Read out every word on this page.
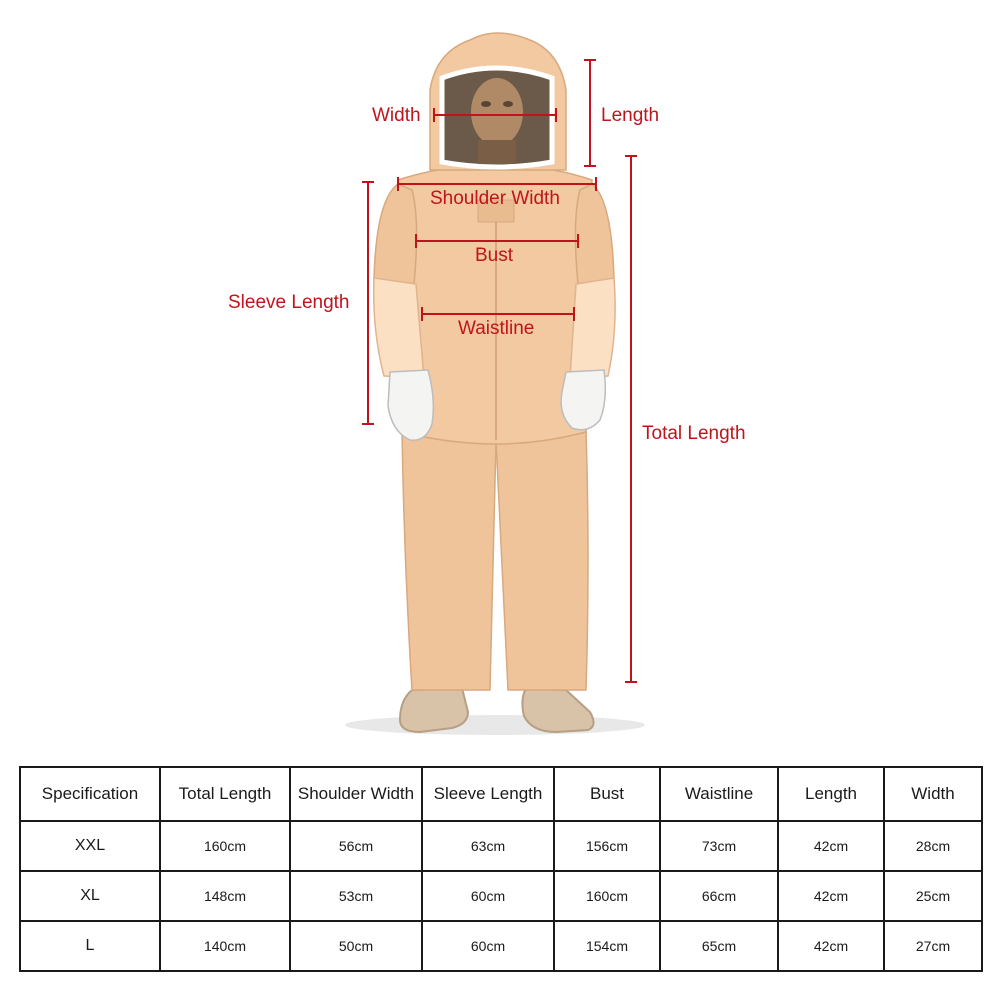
Width	Length
Shoulder Width
Bust
Sleeve Length
Waistline
Total Length
Specification	Total Length	Shoulder Width	Sleeve Length	Bust	Waistline	Length	Width
XXL	160cm	56cm	63cm	156cm	73cm	42cm	28cm
XL	148cm	53cm	60cm	160cm	66cm	42cm	25cm
L	140cm	50cm	60cm	154cm	65cm	42cm	27cm
